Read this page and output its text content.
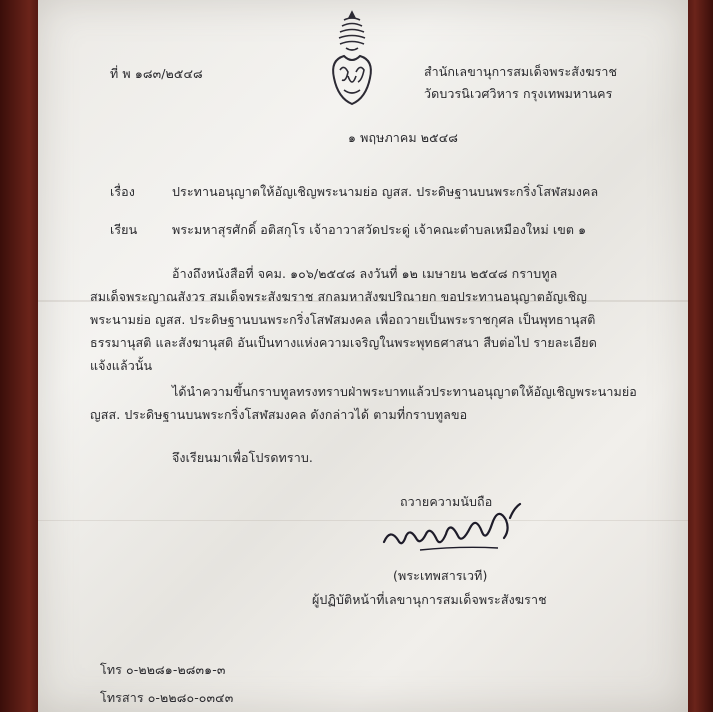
ที่ พ ๑๘๓/๒๕๔๘	สำนักเลขานุการสมเด็จพระสังฆราช
วัดบวรนิเวศวิหาร กรุงเทพมหานคร
๑ พฤษภาคม ๒๕๔๘
เรื่อง	ประทานอนุญาตให้อัญเชิญพระนามย่อ ญสส. ประดิษฐานบนพระกริ่งโสฬสมงคล
เรียน	พระมหาสุรศักดิ์ อติสกุโร เจ้าอาวาสวัดประดู่ เจ้าคณะตำบลเหมืองใหม่ เขต ๑
อ้างถึงหนังสือที่ จคม. ๑๐๖/๒๕๔๘ ลงวันที่ ๑๒ เมษายน ๒๕๔๘ กราบทูล
สมเด็จพระญาณสังวร สมเด็จพระสังฆราช สกลมหาสังฆปริณายก ขอประทานอนุญาตอัญเชิญ
พระนามย่อ ญสส. ประดิษฐานบนพระกริ่งโสฬสมงคล เพื่อถวายเป็นพระราชกุศล เป็นพุทธานุสติ
ธรรมานุสติ และสังฆานุสติ อันเป็นทางแห่งความเจริญในพระพุทธศาสนา สืบต่อไป รายละเอียด
แจ้งแล้วนั้น
ได้นำความขึ้นกราบทูลทรงทราบฝ่าพระบาทแล้วประทานอนุญาตให้อัญเชิญพระนามย่อ
ญสส. ประดิษฐานบนพระกริ่งโสฬสมงคล ดังกล่าวได้ ตามที่กราบทูลขอ
จึงเรียนมาเพื่อโปรดทราบ.
ถวายความนับถือ
(พระเทพสารเวที)
ผู้ปฏิบัติหน้าที่เลขานุการสมเด็จพระสังฆราช
โทร ๐-๒๒๘๑-๒๘๓๑-๓
โทรสาร ๐-๒๒๘๐-๐๓๔๓
